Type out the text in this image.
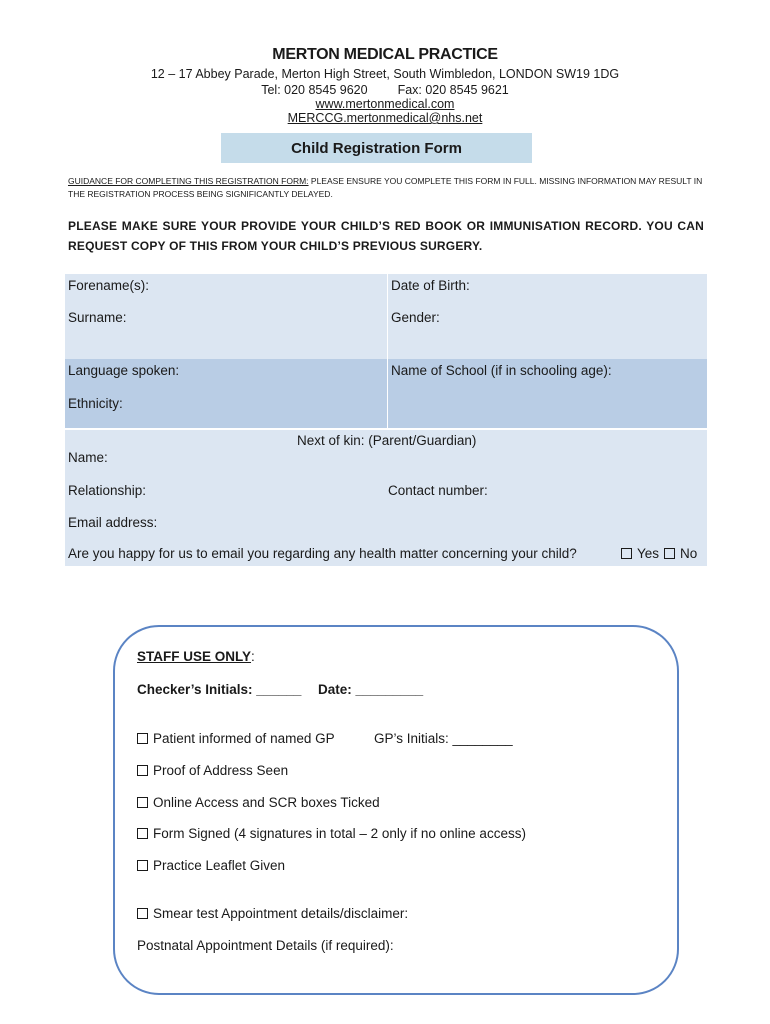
MERTON MEDICAL PRACTICE
12 – 17 Abbey Parade, Merton High Street, South Wimbledon, LONDON SW19 1DG
Tel: 020 8545 9620 Fax: 020 8545 9621
www.mertonmedical.com
MERCCG.mertonmedical@nhs.net
Child Registration Form
GUIDANCE FOR COMPLETING THIS REGISTRATION FORM: PLEASE ENSURE YOU COMPLETE THIS FORM IN FULL. MISSING INFORMATION MAY RESULT IN THE REGISTRATION PROCESS BEING SIGNIFICANTLY DELAYED.
PLEASE MAKE SURE YOUR PROVIDE YOUR CHILD’S RED BOOK OR IMMUNISATION RECORD. YOU CAN REQUEST COPY OF THIS FROM YOUR CHILD’S PREVIOUS SURGERY.
Forename(s):	Date of Birth:
Surname:	Gender:
Language spoken:	Name of School (if in schooling age):
Ethnicity:
Next of kin: (Parent/Guardian)
Name:
Relationship:	Contact number:
Email address:
Are you happy for us to email you regarding any health matter concerning your child?	Yes	No
STAFF USE ONLY:
Checker’s Initials: ______ Date: _________
Patient informed of named GP	GP’s Initials: ________
Proof of Address Seen
Online Access and SCR boxes Ticked
Form Signed (4 signatures in total – 2 only if no online access)
Practice Leaflet Given
Smear test Appointment details/disclaimer:
Postnatal Appointment Details (if required):
